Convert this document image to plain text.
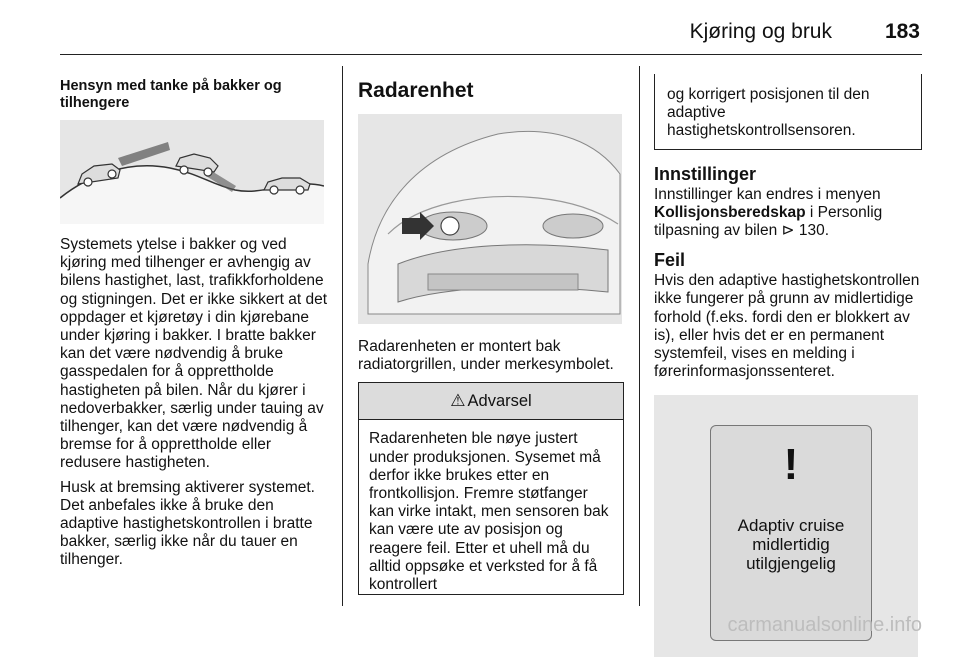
Kjøring og bruk	183
Hensyn med tanke på bakker og tilhengere

Systemets ytelse i bakker og ved kjøring med tilhenger er avhengig av bilens hastighet, last, trafikkforholdene og stigningen. Det er ikke sikkert at det oppdager et kjøretøy i din kjørebane under kjøring i bakker. I bratte bakker kan det være nødvendig å bruke gasspedalen for å opprettholde hastigheten på bilen. Når du kjører i nedoverbakker, særlig under tauing av tilhenger, kan det være nødvendig å bremse for å opprettholde eller redusere hastigheten.

Husk at bremsing aktiverer systemet. Det anbefales ikke å bruke den adaptive hastighetskontrollen i bratte bakker, særlig ikke når du tauer en tilhenger.

Radarenhet

Radarenheten er montert bak radiatorgrillen, under merkesymbolet.

⚠ Advarsel

Radarenheten ble nøye justert under produksjonen. Sysemet må derfor ikke brukes etter en frontkollisjon. Fremre støtfanger kan virke intakt, men sensoren bak kan være ute av posisjon og reagere feil. Etter et uhell må du alltid oppsøke et verksted for å få kontrollert

og korrigert posisjonen til den adaptive hastighetskontrollsensoren.
Innstillinger

Innstillinger kan endres i menyen Kollisjonsberedskap i Personlig tilpasning av bilen ⊳ 130.

Feil

Hvis den adaptive hastighetskontrollen ikke fungerer på grunn av midlertidige forhold (f.eks. fordi den er blokkert av is), eller hvis det er en permanent systemfeil, vises en melding i førerinformasjonssenteret.

!
Adaptiv cruise
midlertidig
utilgjengelig
carmanualsonline.info
